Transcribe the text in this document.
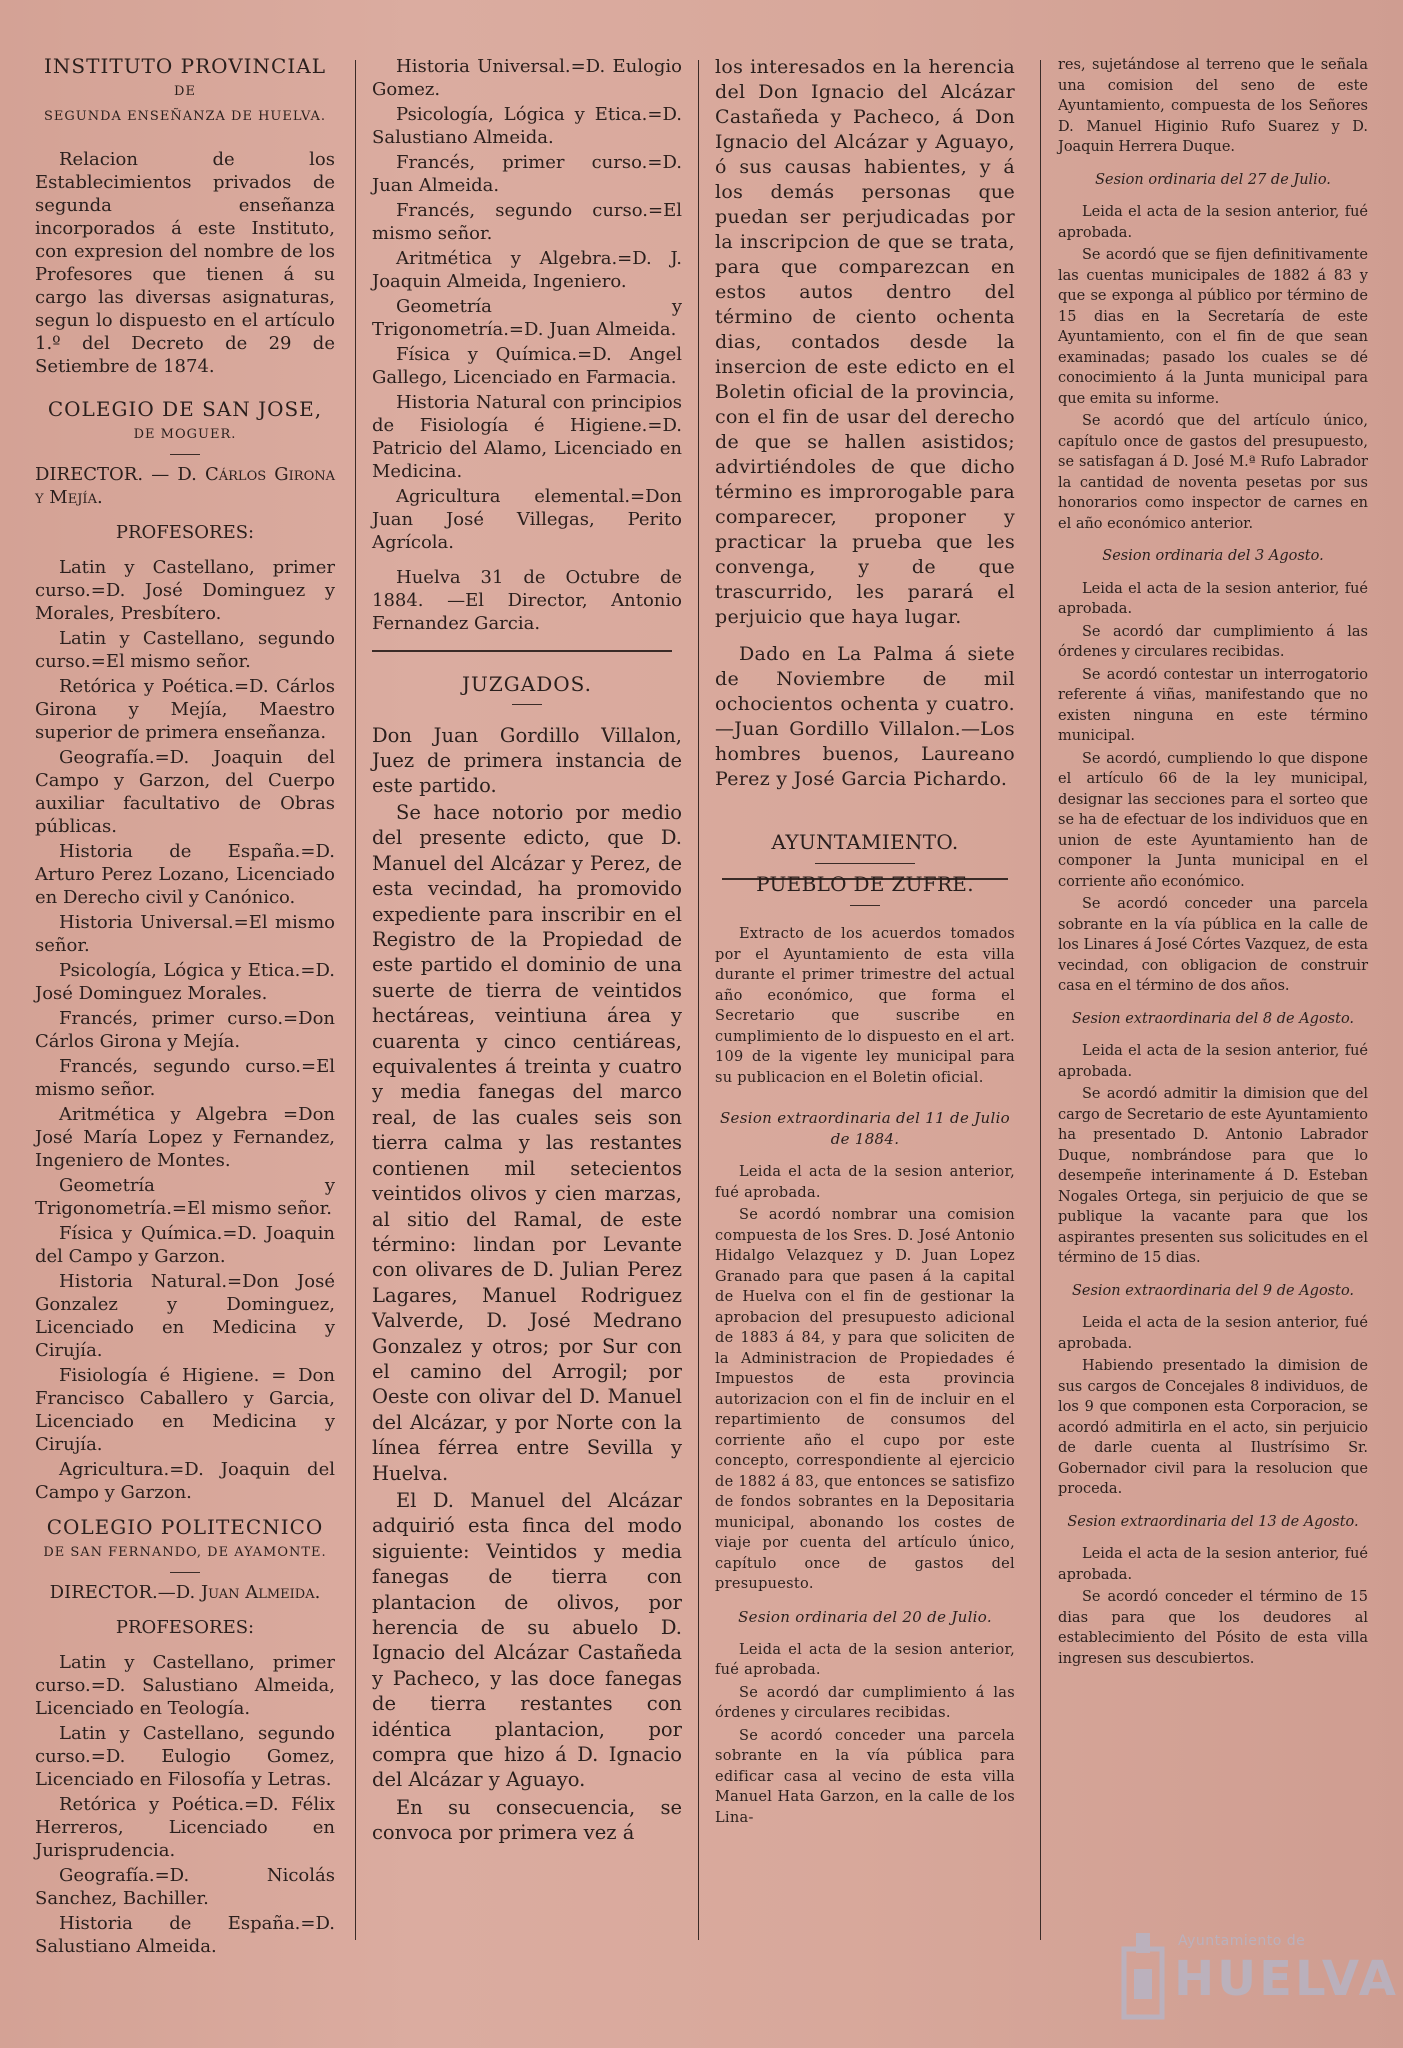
INSTITUTO PROVINCIAL

DE

SEGUNDA ENSEÑANZA DE HUELVA.

Relacion de los Establecimientos privados de segunda enseñanza incorporados á este Instituto, con expresion del nombre de los Profesores que tienen á su cargo las diversas asignaturas, segun lo dispuesto en el artículo 1.º del Decreto de 29 de Setiembre de 1874.

COLEGIO DE SAN JOSE,

DE MOGUER.

DIRECTOR. — D. Cárlos Girona y Mejía.

PROFESORES:

Latin y Castellano, primer curso.=D. José Dominguez y Morales, Presbítero.

Latin y Castellano, segundo curso.=El mismo señor.

Retórica y Poética.=D. Cárlos Girona y Mejía, Maestro superior de primera enseñanza.

Geografía.=D. Joaquin del Campo y Garzon, del Cuerpo auxiliar facultativo de Obras públicas.

Historia de España.=D. Arturo Perez Lozano, Licenciado en Derecho civil y Canónico.

Historia Universal.=El mismo señor.

Psicología, Lógica y Etica.=D. José Dominguez Morales.

Francés, primer curso.=Don Cárlos Girona y Mejía.

Francés, segundo curso.=El mismo señor.

Aritmética y Algebra =Don José María Lopez y Fernandez, Ingeniero de Montes.

Geometría y Trigonometría.=El mismo señor.

Física y Química.=D. Joaquin del Campo y Garzon.

Historia Natural.=Don José Gonzalez y Dominguez, Licenciado en Medicina y Cirujía.

Fisiología é Higiene. = Don Francisco Caballero y Garcia, Licenciado en Medicina y Cirujía.

Agricultura.=D. Joaquin del Campo y Garzon.

COLEGIO POLITECNICO

DE SAN FERNANDO, DE AYAMONTE.

DIRECTOR.—D. Juan Almeida.

PROFESORES:

Latin y Castellano, primer curso.=D. Salustiano Almeida, Licenciado en Teología.

Latin y Castellano, segundo curso.=D. Eulogio Gomez, Licenciado en Filosofía y Letras.

Retórica y Poética.=D. Félix Herreros, Licenciado en Jurisprudencia.

Geografía.=D. Nicolás Sanchez, Bachiller.

Historia de España.=D. Salustiano Almeida.

Historia Universal.=D. Eulogio Gomez.

Psicología, Lógica y Etica.=D. Salustiano Almeida.

Francés, primer curso.=D. Juan Almeida.

Francés, segundo curso.=El mismo señor.

Aritmética y Algebra.=D. J. Joaquin Almeida, Ingeniero.

Geometría y Trigonometría.=D. Juan Almeida.

Física y Química.=D. Angel Gallego, Licenciado en Farmacia.

Historia Natural con principios de Fisiología é Higiene.=D. Patricio del Alamo, Licenciado en Medicina.

Agricultura elemental.=Don Juan José Villegas, Perito Agrícola.

Huelva 31 de Octubre de 1884. —El Director, Antonio Fernandez Garcia.

JUZGADOS.

Don Juan Gordillo Villalon, Juez de primera instancia de este partido.

Se hace notorio por medio del presente edicto, que D. Manuel del Alcázar y Perez, de esta vecindad, ha promovido expediente para inscribir en el Registro de la Propiedad de este partido el dominio de una suerte de tierra de veintidos hectáreas, veintiuna área y cuarenta y cinco centiáreas, equivalentes á treinta y cuatro y media fanegas del marco real, de las cuales seis son tierra calma y las restantes contienen mil setecientos veintidos olivos y cien marzas, al sitio del Ramal, de este término: lindan por Levante con olivares de D. Julian Perez Lagares, Manuel Rodriguez Valverde, D. José Medrano Gonzalez y otros; por Sur con el camino del Arrogil; por Oeste con olivar del D. Manuel del Alcázar, y por Norte con la línea férrea entre Sevilla y Huelva.

El D. Manuel del Alcázar adquirió esta finca del modo siguiente: Veintidos y media fanegas de tierra con plantacion de olivos, por herencia de su abuelo D. Ignacio del Alcázar Castañeda y Pacheco, y las doce fanegas de tierra restantes con idéntica plantacion, por compra que hizo á D. Ignacio del Alcázar y Aguayo.

En su consecuencia, se convoca por primera vez á

los interesados en la herencia del Don Ignacio del Alcázar Castañeda y Pacheco, á Don Ignacio del Alcázar y Aguayo, ó sus causas habientes, y á los demás personas que puedan ser perjudicadas por la inscripcion de que se trata, para que comparezcan en estos autos dentro del término de ciento ochenta dias, contados desde la insercion de este edicto en el Boletin oficial de la provincia, con el fin de usar del derecho de que se hallen asistidos; advirtiéndoles de que dicho término es improrogable para comparecer, proponer y practicar la prueba que les convenga, y de que trascurrido, les parará el perjuicio que haya lugar.

Dado en La Palma á siete de Noviembre de mil ochocientos ochenta y cuatro.—Juan Gordillo Villalon.—Los hombres buenos, Laureano Perez y José Garcia Pichardo.

AYUNTAMIENTO.

PUEBLO DE ZUFRE.

Extracto de los acuerdos tomados por el Ayuntamiento de esta villa durante el primer trimestre del actual año económico, que forma el Secretario que suscribe en cumplimiento de lo dispuesto en el art. 109 de la vigente ley municipal para su publicacion en el Boletin oficial.

Sesion extraordinaria del 11 de Julio de 1884.

Leida el acta de la sesion anterior, fué aprobada.

Se acordó nombrar una comision compuesta de los Sres. D. José Antonio Hidalgo Velazquez y D. Juan Lopez Granado para que pasen á la capital de Huelva con el fin de gestionar la aprobacion del presupuesto adicional de 1883 á 84, y para que soliciten de la Administracion de Propiedades é Impuestos de esta provincia autorizacion con el fin de incluir en el repartimiento de consumos del corriente año el cupo por este concepto, correspondiente al ejercicio de 1882 á 83, que entonces se satisfizo de fondos sobrantes en la Depositaria municipal, abonando los costes de viaje por cuenta del artículo único, capítulo once de gastos del presupuesto.

Sesion ordinaria del 20 de Julio.

Leida el acta de la sesion anterior, fué aprobada.

Se acordó dar cumplimiento á las órdenes y circulares recibidas.

Se acordó conceder una parcela sobrante en la vía pública para edificar casa al vecino de esta villa Manuel Hata Garzon, en la calle de los Lina-

res, sujetándose al terreno que le señala una comision del seno de este Ayuntamiento, compuesta de los Señores D. Manuel Higinio Rufo Suarez y D. Joaquin Herrera Duque.

Sesion ordinaria del 27 de Julio.

Leida el acta de la sesion anterior, fué aprobada.

Se acordó que se fijen definitivamente las cuentas municipales de 1882 á 83 y que se exponga al público por término de 15 dias en la Secretaría de este Ayuntamiento, con el fin de que sean examinadas; pasado los cuales se dé conocimiento á la Junta municipal para que emita su informe.

Se acordó que del artículo único, capítulo once de gastos del presupuesto, se satisfagan á D. José M.ª Rufo Labrador la cantidad de noventa pesetas por sus honorarios como inspector de carnes en el año económico anterior.

Sesion ordinaria del 3 Agosto.

Leida el acta de la sesion anterior, fué aprobada.

Se acordó dar cumplimiento á las órdenes y circulares recibidas.

Se acordó contestar un interrogatorio referente á viñas, manifestando que no existen ninguna en este término municipal.

Se acordó, cumpliendo lo que dispone el artículo 66 de la ley municipal, designar las secciones para el sorteo que se ha de efectuar de los individuos que en union de este Ayuntamiento han de componer la Junta municipal en el corriente año económico.

Se acordó conceder una parcela sobrante en la vía pública en la calle de los Linares á José Córtes Vazquez, de esta vecindad, con obligacion de construir casa en el término de dos años.

Sesion extraordinaria del 8 de Agosto.

Leida el acta de la sesion anterior, fué aprobada.

Se acordó admitir la dimision que del cargo de Secretario de este Ayuntamiento ha presentado D. Antonio Labrador Duque, nombrándose para que lo desempeñe interinamente á D. Esteban Nogales Ortega, sin perjuicio de que se publique la vacante para que los aspirantes presenten sus solicitudes en el término de 15 dias.

Sesion extraordinaria del 9 de Agosto.

Leida el acta de la sesion anterior, fué aprobada.

Habiendo presentado la dimision de sus cargos de Concejales 8 individuos, de los 9 que componen esta Corporacion, se acordó admitirla en el acto, sin perjuicio de darle cuenta al Ilustrísimo Sr. Gobernador civil para la resolucion que proceda.

Sesion extraordinaria del 13 de Agosto.

Leida el acta de la sesion anterior, fué aprobada.

Se acordó conceder el término de 15 dias para que los deudores al establecimiento del Pósito de esta villa ingresen sus descubiertos.

Ayuntamiento de
HUELVA
